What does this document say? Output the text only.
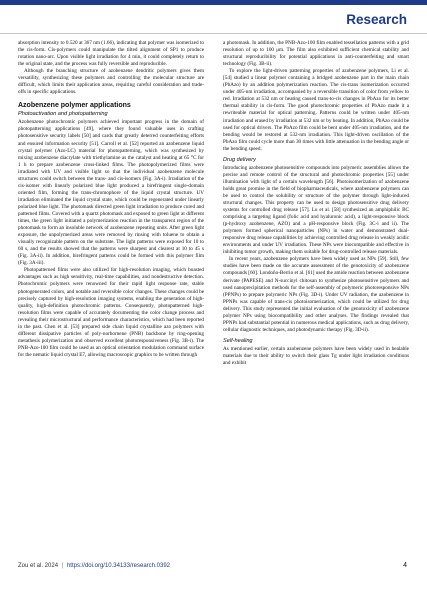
Research

absorption intensity to 0.520 at 367 nm (1.66), indicating that polymer was isomerized to the cis-form. Cis-polymers could manipulate the tilted alignment of SP1 to produce rotation nano-arc. Upon visible light irradiation for 4 min, it could completely return to the original state, and the process was fully reversible and reproducible.

Although the branching structure of azobenzene dendritic polymers gives them versatility, synthesizing these polymers and controlling the molecular structure are difficult, which limits their application areas, requiring careful consideration and trade-offs in specific applications.

Azobenzene polymer applications
Photoactivation and photopatterning

Azobenzene photochromic polymers achieved important progress in the domain of photopatterning applications [49], where they found valuable uses in crafting photosensitive security labels [50] and cards that greatly deterred counterfeiting efforts and ensured information security [51]. Carroll et al. [52] reported an azobenzene liquid crystal polymer (Azo-LC) material for photopatterning, which was synthesized by mixing azobenzene diacrylate with triethylamine as the catalyst and heating at 65 °C for 1 h to prepare azobenzene cross-linked films. The photopolymerized films were irradiated with UV and visible light so that the individual azobenzene molecule structures could switch between the trans- and cis-isomers (Fig. 3A-i). Irradiation of the cis-isomer with linearly polarized blue light produced a birefringent single-domain oriented film, forming the trans-chromophore of the liquid crystal structure. UV irradiation eliminated the liquid crystal state, which could be regenerated under linearly polarized blue light. The photomask directed green light irradiation to produce cured and patterned films. Covered with a quartz photomask and exposed to green light at different times, the green light initiated a polymerization reaction in the transparent region of the photomask to form an insoluble network of azobenzene repeating units. After green light exposure, the unpolymerized areas were removed by rinsing with toluene to obtain a visually recognizable pattern on the substrate. The light patterns were exposed for 10 to 60 s, and the results showed that the patterns were sharpest and clearest at 10 to 45 s (Fig. 3A-ii). In addition, birefringent patterns could be formed with this polymer film (Fig. 3A-iii).

Photopatterned films were also utilized for high-resolution imaging, which boasted advantages such as high sensitivity, real-time capabilities, and nondestructive detection. Photochromic polymers were renowned for their rapid light response rate, stable photogenerated colors, and notable and reversible color changes. These changes could be precisely captured by high-resolution imaging systems, enabling the generation of high-quality, high-definition photochromic patterns. Consequently, photopatterned high-resolution films were capable of accurately documenting the color change process and revealing their microstructural and performance characteristics, which had been reported in the past. Chen et al. [53] prepared side chain liquid crystalline azo polymers with different dissipative particles of poly-norbornene (PNB) backbone by ring-opening metathesis polymerization and observed excellent photoresponsiveness (Fig. 3B-i). The PNB-Azo-100 film could be used as an optical orientation modulation command surface for the nematic liquid crystal E7, allowing macroscopic graphics to be written through

a photomask. In addition, the PNB-Azo-100 film enabled tessellation patterns with a grid resolution of up to 100 μm. The film also exhibited sufficient chemical stability and structural reproducibility for potential applications in anti-counterfeiting and smart technology (Fig. 3B-ii).

To explore the light-driven patterning properties of azobenzene polymers, Li et al. [54] studied a linear polymer containing a bridged azobenzene part in the main chain (PbAzo) by an addition polymerization reaction. The cis-trans isomerization occurred under 405-nm irradiation, accompanied by a reversible transition of color from yellow to red. Irradiation at 532 nm or heating caused trans-to-cis changes in PbAzo for its better thermal stability in cis-form. The good photochromic properties of PbAzo made it a rewriteable material for optical patterning. Patterns could be written under 405-nm irradiation and erased by irradiation at 532 nm or by heating. In addition, PbAzo could be used for optical drivers. The PbAzo film could be bent under 405-nm irradiation, and the bending would be restored at 532-nm irradiation. This light-driven oscillation of the PbAzo film could cycle more than 30 times with little attenuation in the bending angle or the bending speed.

Drug delivery

Introducing azobenzene photosensitive compounds into polymeric assemblies allows the precise and remote control of the structural and photochromic properties [55] under illumination with light of a certain wavelength [56]. Photoisomerization of azobenzene holds great promise in the field of biopharmaceuticals, where azobenzene polymers can be used to control the solubility or structure of the polymer through light-induced structural changes. This property can be used to design photosensitive drug delivery systems for controlled drug release [57]. Lu et al. [58] synthesized an amphiphilic BC comprising a targeting ligand (folic acid and hyaluronic acid), a light-responsive block (p-hydroxy azobenzene, AZO) and a pH-responsive block (Fig. 3C-i and ii). The polymers formed spherical nanoparticles (NPs) in water and demonstrated dual-responsive drug release capabilities by achieving controlled drug release in weakly acidic environments and under UV irradiation. These NPs were biocompatible and effective in inhibiting tumor growth, making them suitable for drug-controlled release materials.

In recent years, azobenzene polymers have been widely used as NPs [59]. Still, few studies have been made on the accurate assessment of the genotoxicity of azobenzene compounds [60]. Londoño-Berrio et al. [61] used the amide reaction between azobenzene derivate (PAPESE) and N-succinyl chitosan to synthesize photosensitive polymers and used nanoprecipitation methods for the self-assembly of polymeric photoresponsive NPs (PPNPs) to prepare polymeric NPs (Fig. 3D-i). Under UV radiation, the azobenzene in PPNPs was capable of trans-cis photoisomerization, which could be utilized for drug delivery. This study represented the initial evaluation of the genotoxicity of azobenzene polymer NPs using biocompatibility and other analyses. The findings revealed that PPNPs had substantial potential in numerous medical applications, such as drug delivery, cellular diagnostic techniques, and photodynamic therapy (Fig. 3D-ii).

Self-healing

As mentioned earlier, certain azobenzene polymers have been widely used in healable materials due to their ability to switch their glass Tg under light irradiation conditions and exhibit

Zou et al. 2024 | https://doi.org/10.34133/research.0392	4
